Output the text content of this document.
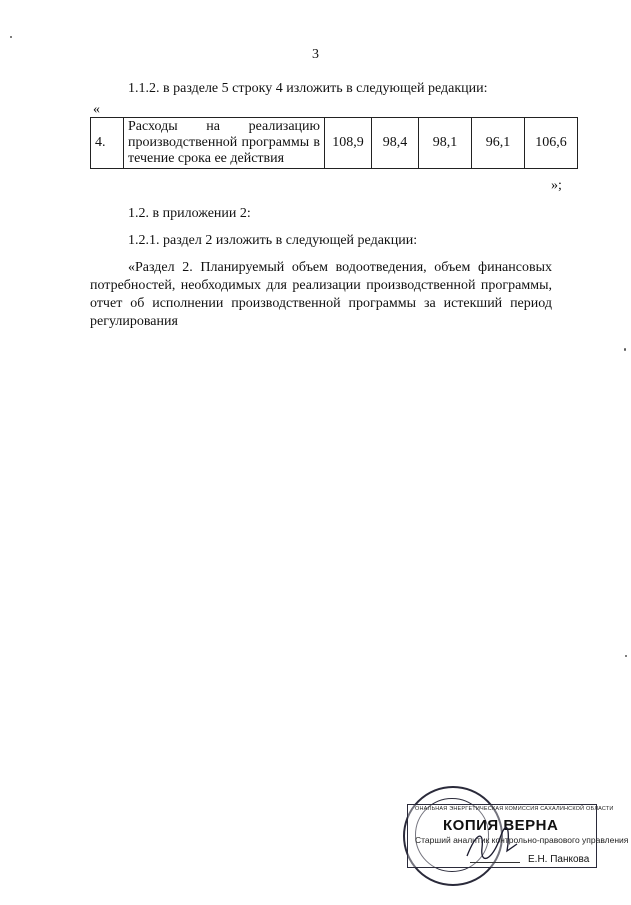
3
1.1.2. в разделе 5 строку 4 изложить в следующей редакции:
«
4.	Расходы на реализацию производственной программы в течение срока ее действия	108,9	98,4	98,1	96,1	106,6
»;
1.2. в приложении 2:
1.2.1. раздел 2 изложить в следующей редакции:
«Раздел 2. Планируемый объем водоотведения, объем финансовых потребностей, необходимых для реализации производственной программы, отчет об исполнении производственной программы за истекший период регулирования
ОНАЛЬНАЯ ЭНЕРГЕТИЧЕСКАЯ КОМИССИЯ САХАЛИНСКОЙ ОБЛАСТИ
КОПИЯ ВЕРНА
Старший аналитик контрольно-правового управления
Е.Н. Панкова
